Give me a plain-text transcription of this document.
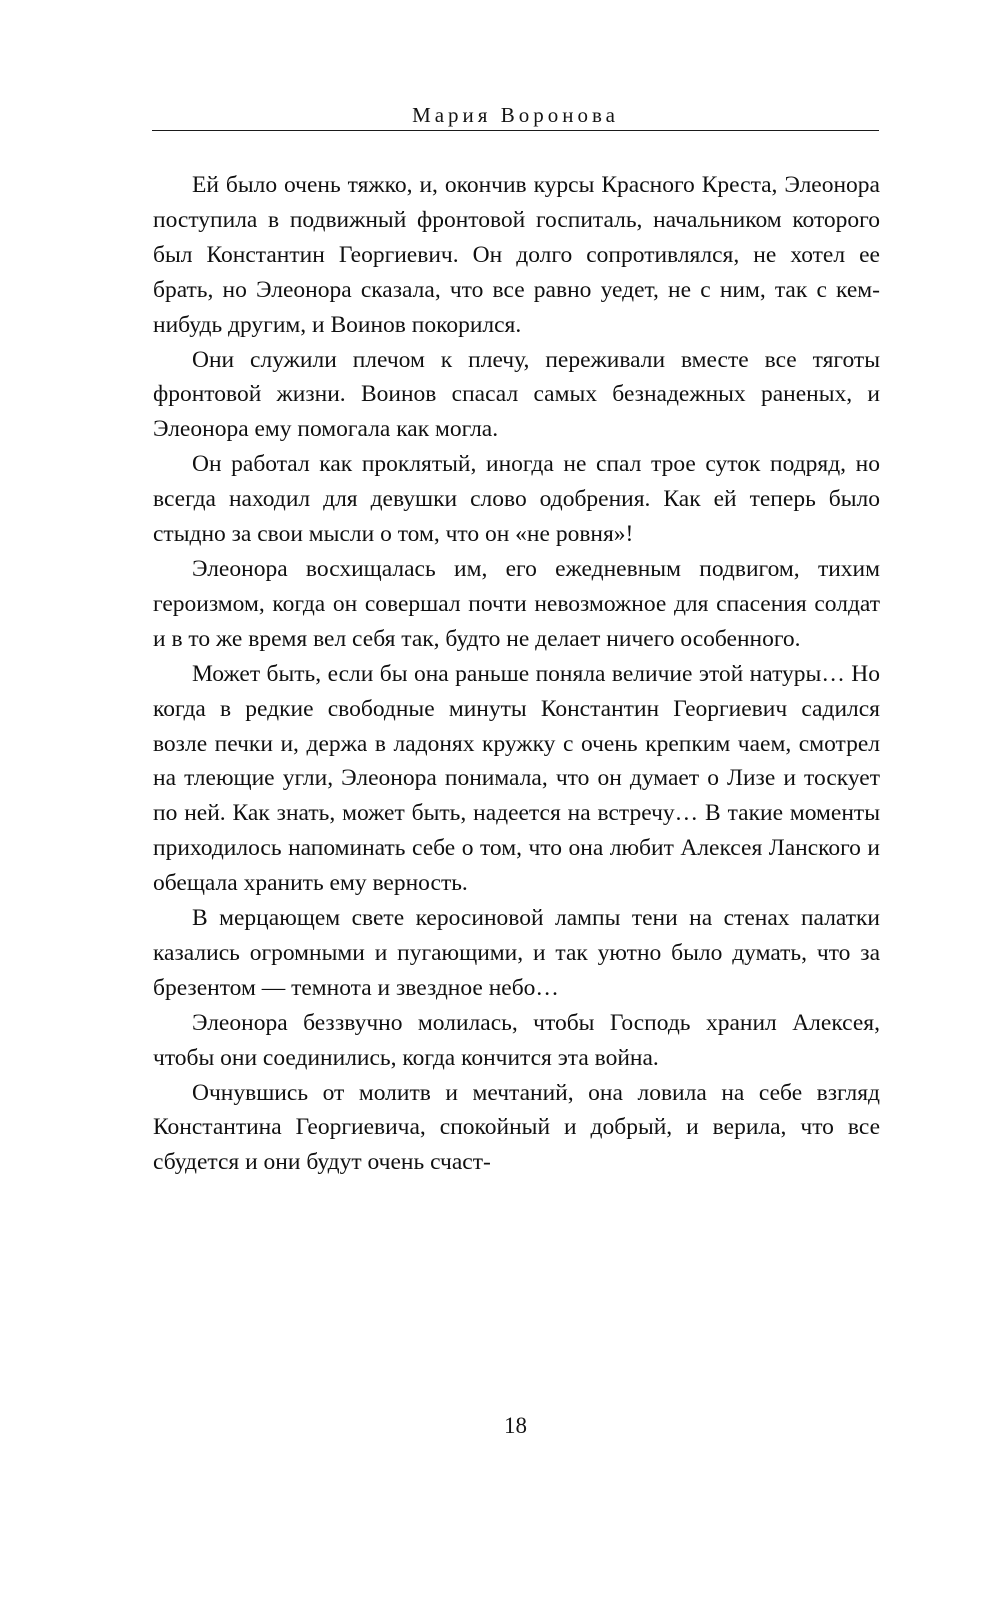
Мария Воронова

Ей было очень тяжко, и, окончив курсы Красного Креста, Элеонора поступила в подвижный фронтовой госпиталь, начальником которого был Константин Георгиевич. Он долго сопротивлялся, не хотел ее брать, но Элеонора сказала, что все равно уедет, не с ним, так с кем-нибудь другим, и Воинов покорился.

Они служили плечом к плечу, переживали вместе все тяготы фронтовой жизни. Воинов спасал самых безнадежных раненых, и Элеонора ему помогала как могла.

Он работал как проклятый, иногда не спал трое суток подряд, но всегда находил для девушки слово одобрения. Как ей теперь было стыдно за свои мысли о том, что он «не ровня»!

Элеонора восхищалась им, его ежедневным подвигом, тихим героизмом, когда он совершал почти невозможное для спасения солдат и в то же время вел себя так, будто не делает ничего особенного.

Может быть, если бы она раньше поняла величие этой натуры… Но когда в редкие свободные минуты Константин Георгиевич садился возле печки и, держа в ладонях кружку с очень крепким чаем, смотрел на тлеющие угли, Элеонора понимала, что он думает о Лизе и тоскует по ней. Как знать, может быть, надеется на встречу… В такие моменты приходилось напоминать себе о том, что она любит Алексея Ланского и обещала хранить ему верность.

В мерцающем свете керосиновой лампы тени на стенах палатки казались огромными и пугающими, и так уютно было думать, что за брезентом — темнота и звездное небо…

Элеонора беззвучно молилась, чтобы Господь хранил Алексея, чтобы они соединились, когда кончится эта война.

Очнувшись от молитв и мечтаний, она ловила на себе взгляд Константина Георгиевича, спокойный и добрый, и верила, что все сбудется и они будут очень счаст-

18
